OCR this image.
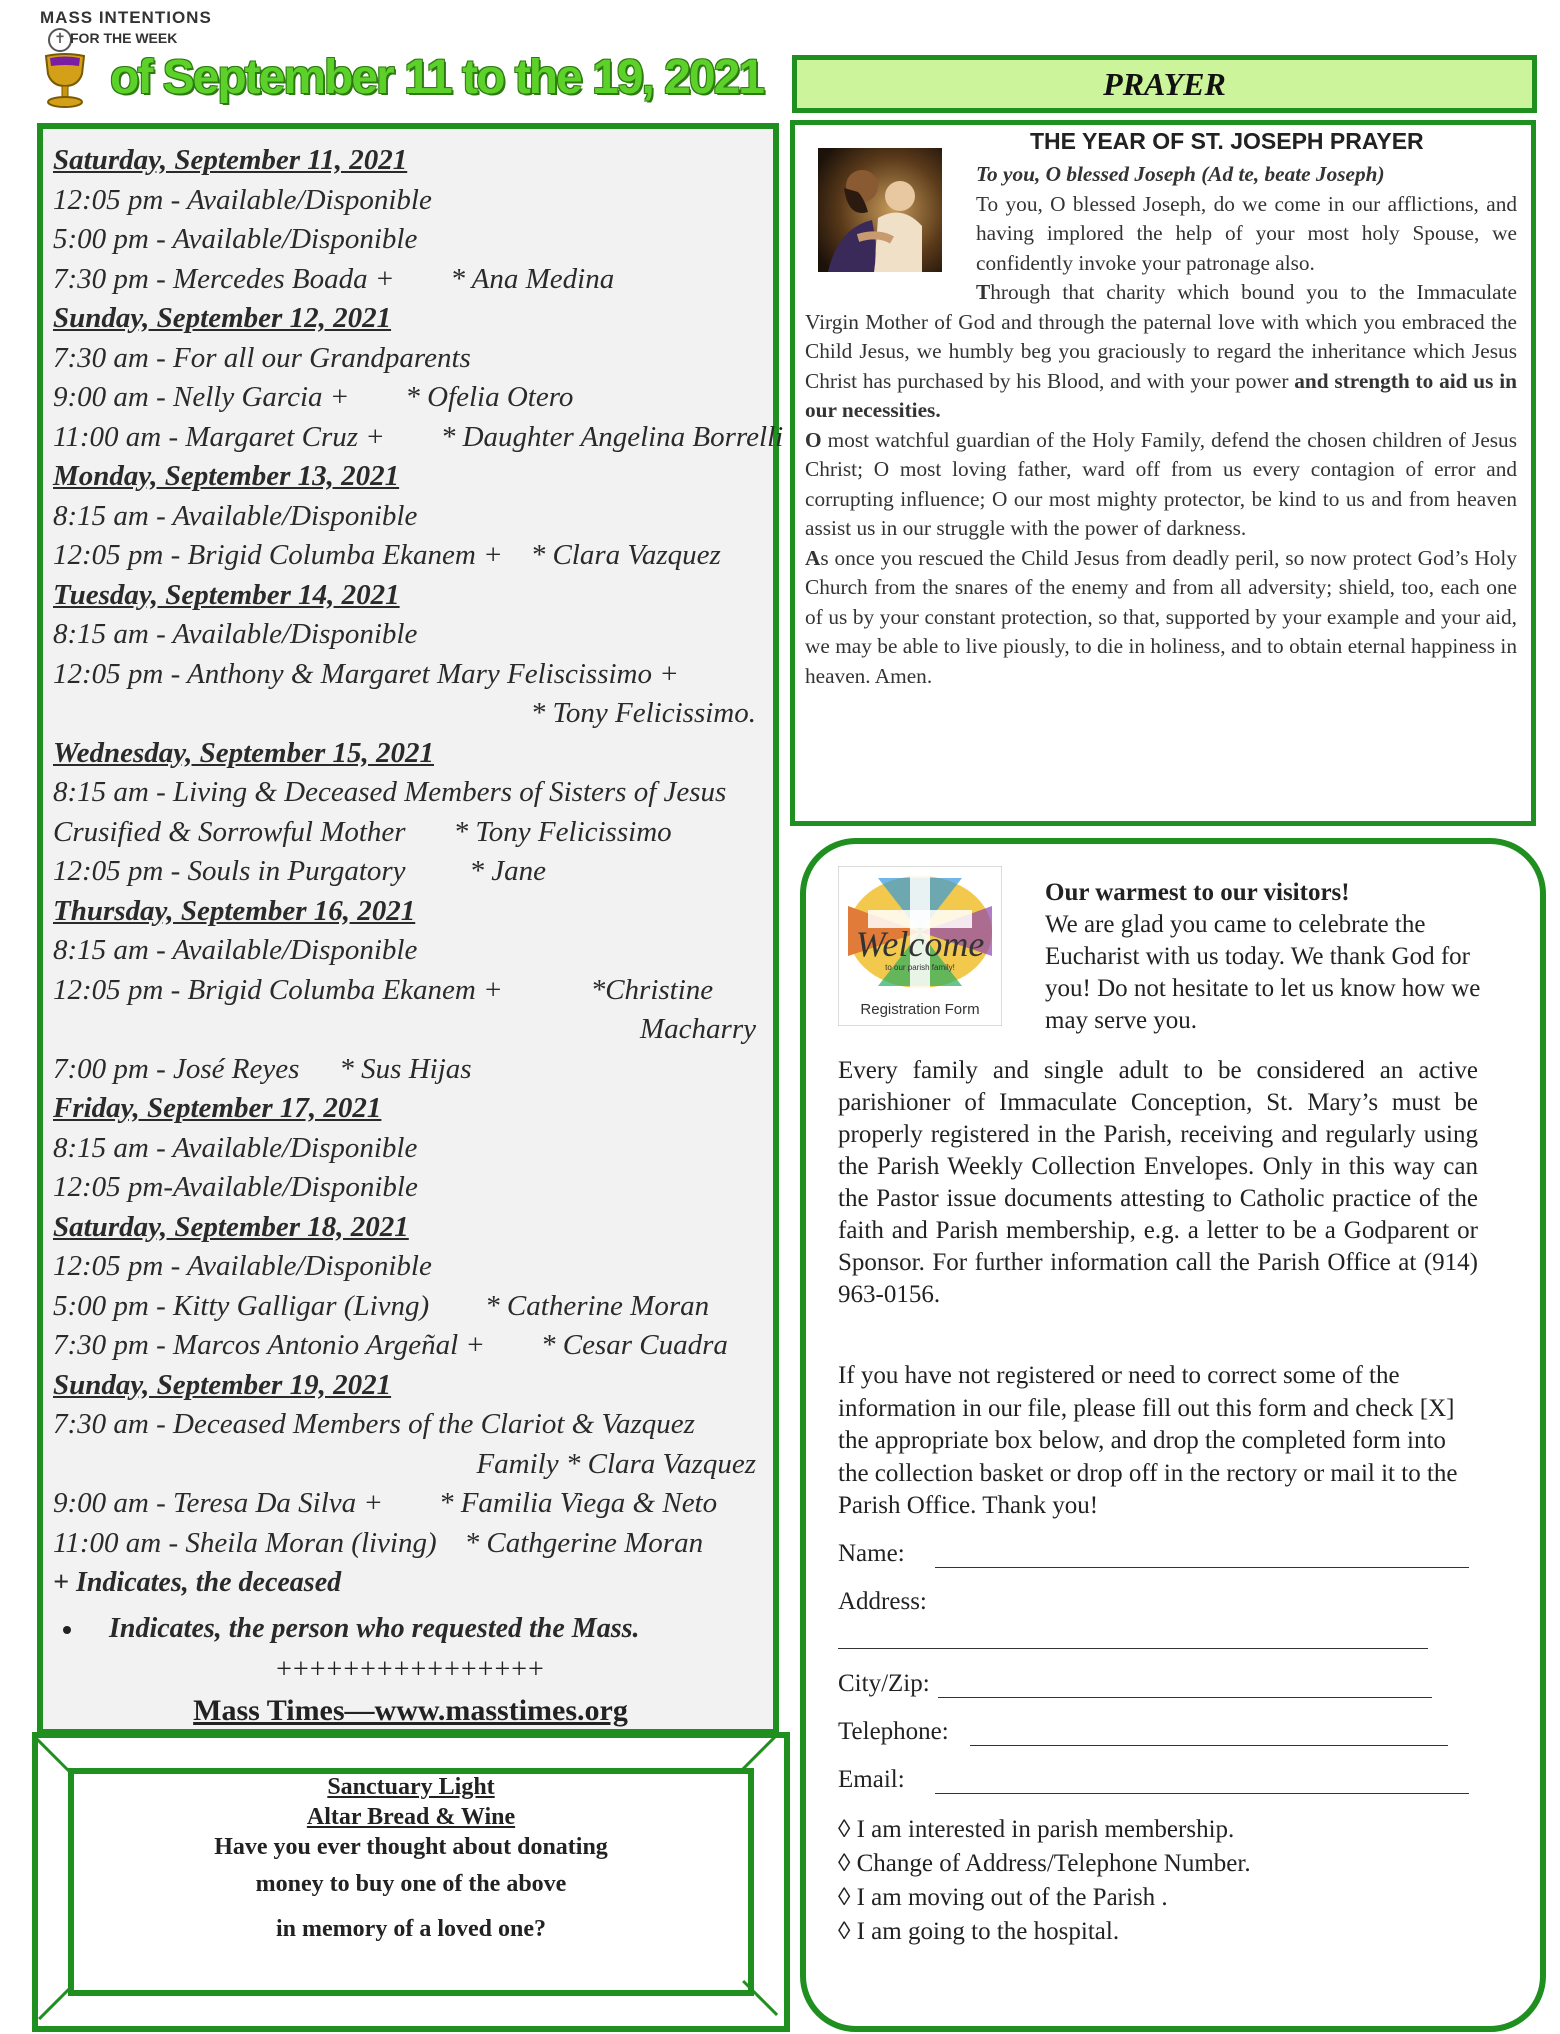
MASS INTENTIONS
✝ FOR THE WEEK
of September 11 to the 19, 2021
Saturday, September 11, 2021
12:05 pm - Available/Disponible
5:00 pm - Available/Disponible
7:30 pm - Mercedes Boada + * Ana Medina
Sunday, September 12, 2021
7:30 am - For all our Grandparents
9:00 am - Nelly Garcia + * Ofelia Otero
11:00 am - Margaret Cruz + * Daughter Angelina Borrelli
Monday, September 13, 2021
8:15 am - Available/Disponible
12:05 pm - Brigid Columba Ekanem + * Clara Vazquez
Tuesday, September 14, 2021
8:15 am - Available/Disponible
12:05 pm - Anthony & Margaret Mary Feliscissimo +
* Tony Felicissimo.
Wednesday, September 15, 2021
8:15 am - Living & Deceased Members of Sisters of Jesus
Crusified & Sorrowful Mother * Tony Felicissimo
12:05 pm - Souls in Purgatory * Jane
Thursday, September 16, 2021
8:15 am - Available/Disponible
12:05 pm - Brigid Columba Ekanem +	*Christine
Macharry
7:00 pm - José Reyes * Sus Hijas
Friday, September 17, 2021
8:15 am - Available/Disponible
12:05 pm-Available/Disponible
Saturday, September 18, 2021
12:05 pm - Available/Disponible
5:00 pm - Kitty Galligar (Livng) * Catherine Moran
7:30 pm - Marcos Antonio Argeñal + * Cesar Cuadra
Sunday, September 19, 2021
7:30 am - Deceased Members of the Clariot & Vazquez
Family * Clara Vazquez
9:00 am - Teresa Da Silva + * Familia Viega & Neto
11:00 am - Sheila Moran (living) * Cathgerine Moran
+ Indicates, the deceased
Indicates, the person who requested the Mass.
++++++++++++++++
Mass Times—www.masstimes.org
Sanctuary Light
Altar Bread & Wine
Have you ever thought about donating
money to buy one of the above
in memory of a loved one?
PRAYER
THE YEAR OF ST. JOSEPH PRAYER

To you, O blessed Joseph (Ad te, beate Joseph)

To you, O blessed Joseph, do we come in our afflictions, and having implored the help of your most holy Spouse, we confidently invoke your patronage also.

Through that charity which bound you to the Immaculate Virgin Mother of God and through the paternal love with which you embraced the Child Jesus, we humbly beg you graciously to regard the inheritance which Jesus Christ has purchased by his Blood, and with your power and strength to aid us in our necessities.

O most watchful guardian of the Holy Family, defend the chosen children of Jesus Christ; O most loving father, ward off from us every contagion of error and corrupting influence; O our most mighty protector, be kind to us and from heaven assist us in our struggle with the power of darkness.

As once you rescued the Child Jesus from deadly peril, so now protect God’s Holy Church from the snares of the enemy and from all adversity; shield, too, each one of us by your constant protection, so that, supported by your example and your aid, we may be able to live piously, to die in holiness, and to obtain eternal happiness in heaven. Amen.

Welcome
to our parish family!
Registration Form
Our warmest to our visitors!
We are glad you came to celebrate the Eucharist with us today. We thank God for you! Do not hesitate to let us know how we may serve you.
Every family and single adult to be considered an active parishioner of Immaculate Conception, St. Mary’s must be properly registered in the Parish, receiving and regularly using the Parish Weekly Collection Envelopes. Only in this way can the Pastor issue documents attesting to Catholic practice of the faith and Parish membership, e.g. a letter to be a Godparent or Sponsor. For further information call the Parish Office at (914) 963-0156.
If you have not registered or need to correct some of the information in our file, please fill out this form and check [X] the appropriate box below, and drop the completed form into the collection basket or drop off in the rectory or mail it to the Parish Office. Thank you!
Name:
Address:
City/Zip:
Telephone:
Email:
◊ I am interested in parish membership.
◊ Change of Address/Telephone Number.
◊ I am moving out of the Parish .
◊ I am going to the hospital.
